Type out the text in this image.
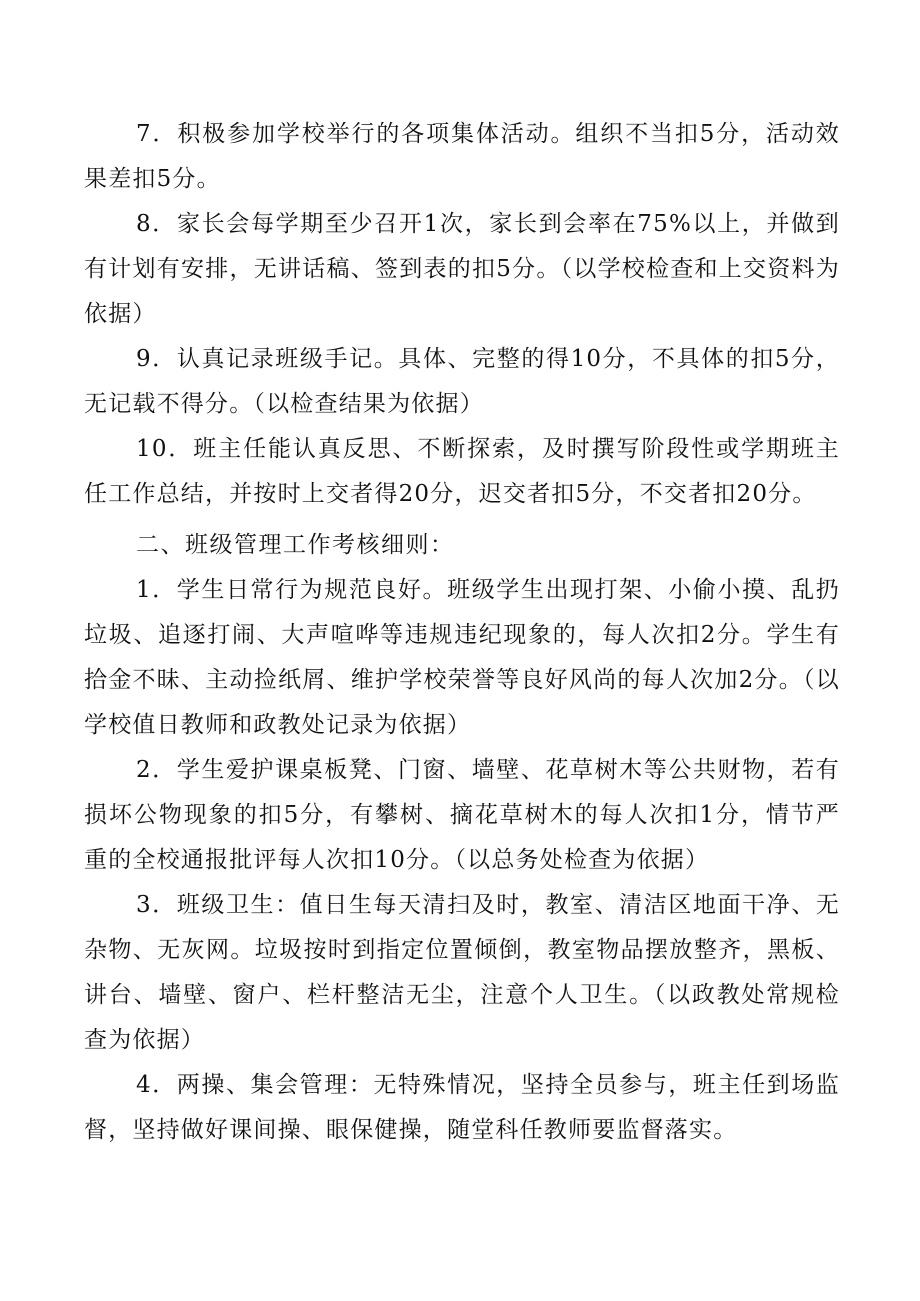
7．积极参加学校举行的各项集体活动。组织不当扣5分，活动效果差扣5分。

8．家长会每学期至少召开1次，家长到会率在75%以上，并做到有计划有安排，无讲话稿、签到表的扣5分。（以学校检查和上交资料为依据）

9．认真记录班级手记。具体、完整的得10分，不具体的扣5分，无记载不得分。（以检查结果为依据）

10．班主任能认真反思、不断探索，及时撰写阶段性或学期班主任工作总结，并按时上交者得20分，迟交者扣5分，不交者扣20分。

二、班级管理工作考核细则：

1．学生日常行为规范良好。班级学生出现打架、小偷小摸、乱扔垃圾、追逐打闹、大声喧哗等违规违纪现象的，每人次扣2分。学生有拾金不昧、主动捡纸屑、维护学校荣誉等良好风尚的每人次加2分。（以学校值日教师和政教处记录为依据）

2．学生爱护课桌板凳、门窗、墙壁、花草树木等公共财物，若有损坏公物现象的扣5分，有攀树、摘花草树木的每人次扣1分，情节严重的全校通报批评每人次扣10分。（以总务处检查为依据）

3．班级卫生：值日生每天清扫及时，教室、清洁区地面干净、无杂物、无灰网。垃圾按时到指定位置倾倒，教室物品摆放整齐，黑板、讲台、墙壁、窗户、栏杆整洁无尘，注意个人卫生。（以政教处常规检查为依据）

4．两操、集会管理：无特殊情况，坚持全员参与，班主任到场监督，坚持做好课间操、眼保健操，随堂科任教师要监督落实。
